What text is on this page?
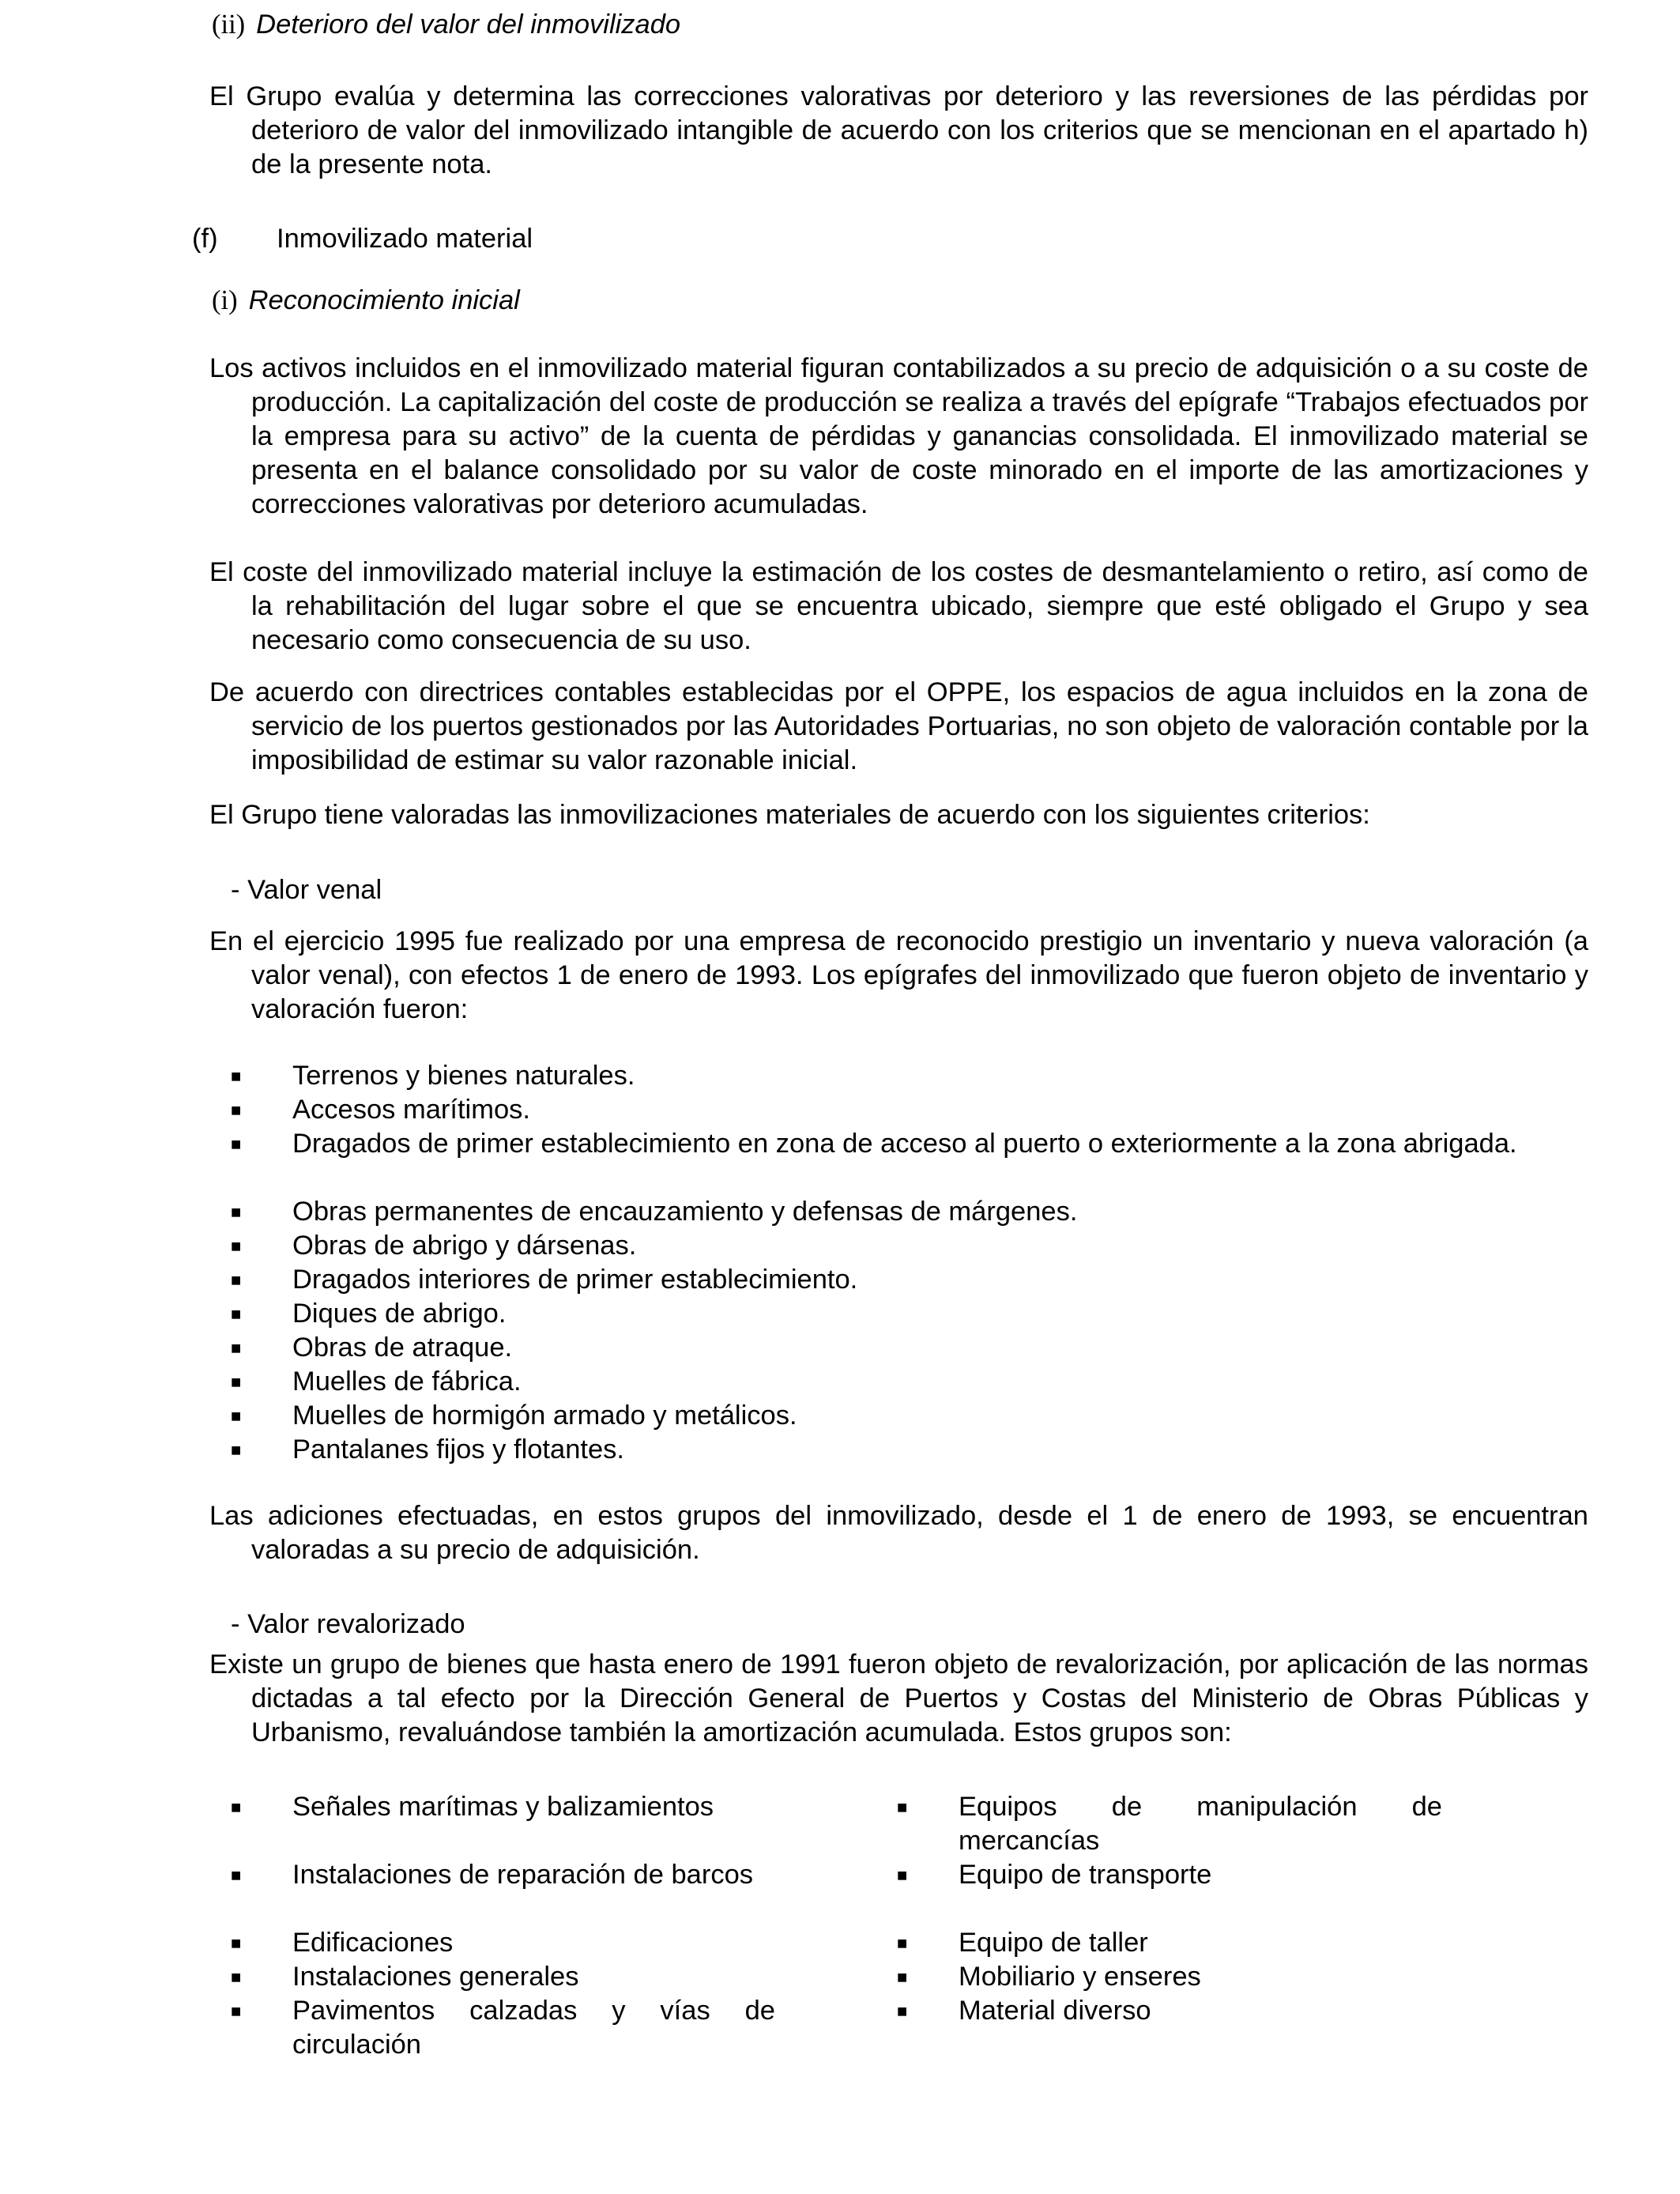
(ii) Deterioro del valor del inmovilizado
El Grupo evalúa y determina las correcciones valorativas por deterioro y las reversiones de las pérdidas por deterioro de valor del inmovilizado intangible de acuerdo con los criterios que se mencionan en el apartado h) de la presente nota.
(f) Inmovilizado material
(i) Reconocimiento inicial
Los activos incluidos en el inmovilizado material figuran contabilizados a su precio de adquisición o a su coste de producción. La capitalización del coste de producción se realiza a través del epígrafe “Trabajos efectuados por la empresa para su activo” de la cuenta de pérdidas y ganancias consolidada. El inmovilizado material se presenta en el balance consolidado por su valor de coste minorado en el importe de las amortizaciones y correcciones valorativas por deterioro acumuladas.
El coste del inmovilizado material incluye la estimación de los costes de desmantelamiento o retiro, así como de la rehabilitación del lugar sobre el que se encuentra ubicado, siempre que esté obligado el Grupo y sea necesario como consecuencia de su uso.
De acuerdo con directrices contables establecidas por el OPPE, los espacios de agua incluidos en la zona de servicio de los puertos gestionados por las Autoridades Portuarias, no son objeto de valoración contable por la imposibilidad de estimar su valor razonable inicial.
El Grupo tiene valoradas las inmovilizaciones materiales de acuerdo con los siguientes criterios:
- Valor venal
En el ejercicio 1995 fue realizado por una empresa de reconocido prestigio un inventario y nueva valoración (a valor venal), con efectos 1 de enero de 1993. Los epígrafes del inmovilizado que fueron objeto de inventario y valoración fueron:
■ Terrenos y bienes naturales.
■ Accesos marítimos.
■ Dragados de primer establecimiento en zona de acceso al puerto o exteriormente a la zona abrigada.
■ Obras permanentes de encauzamiento y defensas de márgenes.
■ Obras de abrigo y dársenas.
■ Dragados interiores de primer establecimiento.
■ Diques de abrigo.
■ Obras de atraque.
■ Muelles de fábrica.
■ Muelles de hormigón armado y metálicos.
■ Pantalanes fijos y flotantes.
Las adiciones efectuadas, en estos grupos del inmovilizado, desde el 1 de enero de 1993, se encuentran valoradas a su precio de adquisición.
- Valor revalorizado
Existe un grupo de bienes que hasta enero de 1991 fueron objeto de revalorización, por aplicación de las normas dictadas a tal efecto por la Dirección General de Puertos y Costas del Ministerio de Obras Públicas y Urbanismo, revaluándose también la amortización acumulada. Estos grupos son:
■ Señales marítimas y balizamientos
■ Instalaciones de reparación de barcos
■ Edificaciones
■ Instalaciones generales
■ Pavimentos calzadas y vías de circulación
■ Equipos de manipulación de mercancías
■ Equipo de transporte
■ Equipo de taller
■ Mobiliario y enseres
■ Material diverso
